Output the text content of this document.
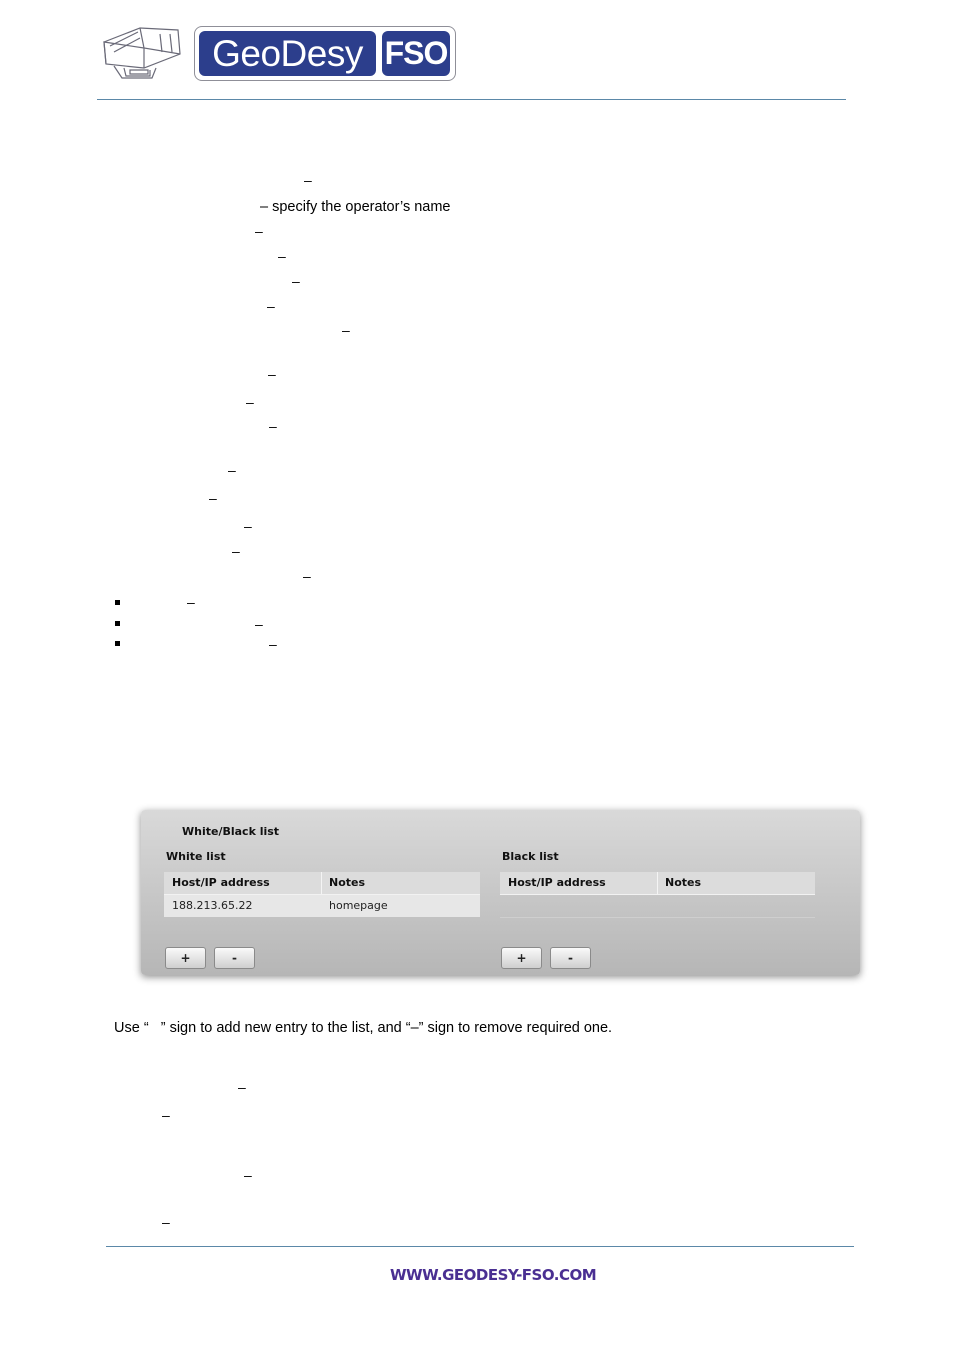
GeoDesy FSO
–
– specify the operator’s name
–
–
–
–
–
–
–
–
–
–
–
–
–
–
–
–
White/Black list
White list
Host/IP address	Notes
188.213.65.22	homepage
+	-
Black list
Host/IP address	Notes
+	-
Use “   ” sign to add new entry to the list, and “–” sign to remove required one.
–
–
–
–
WWW.GEODESY-FSO.COM
